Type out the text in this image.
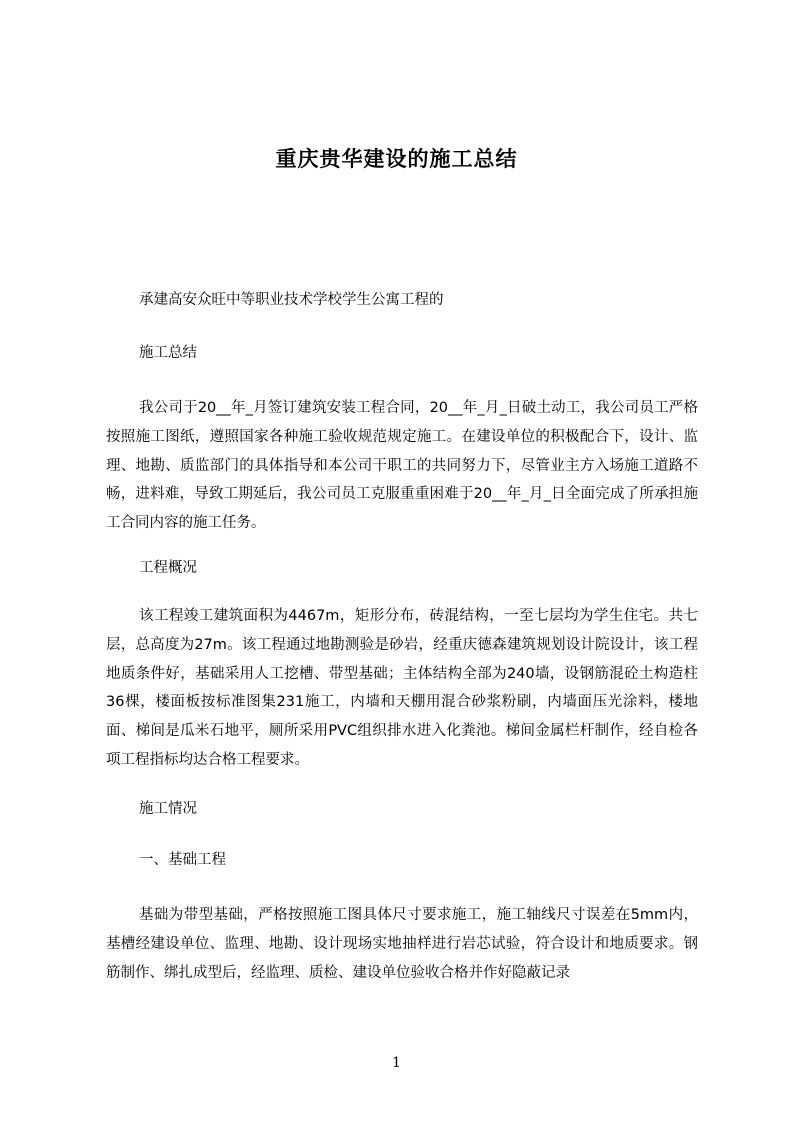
重庆贵华建设的施工总结
承建高安众旺中等职业技术学校学生公寓工程的
施工总结
我公司于20__年_月签订建筑安装工程合同，20__年_月_日破土动工，我公司员工严格按照施工图纸，遵照国家各种施工验收规范规定施工。在建设单位的积极配合下，设计、监理、地勘、质监部门的具体指导和本公司干职工的共同努力下，尽管业主方入场施工道路不畅，进料难，导致工期延后，我公司员工克服重重困难于20__年_月_日全面完成了所承担施工合同内容的施工任务。
工程概况
该工程竣工建筑面积为4467m，矩形分布，砖混结构，一至七层均为学生住宅。共七层，总高度为27m。该工程通过地勘测验是砂岩，经重庆德森建筑规划设计院设计，该工程地质条件好，基础采用人工挖槽、带型基础；主体结构全部为240墙，设钢筋混砼土构造柱36棵，楼面板按标准图集231施工，内墙和天棚用混合砂浆粉刷，内墙面压光涂料，楼地面、梯间是瓜米石地平，厕所采用PVC组织排水进入化粪池。梯间金属栏杆制作，经自检各项工程指标均达合格工程要求。
施工情况
一、基础工程
基础为带型基础，严格按照施工图具体尺寸要求施工，施工轴线尺寸误差在5mm内，基槽经建设单位、监理、地勘、设计现场实地抽样进行岩芯试验，符合设计和地质要求。钢筋制作、绑扎成型后，经监理、质检、建设单位验收合格并作好隐蔽记录
1
